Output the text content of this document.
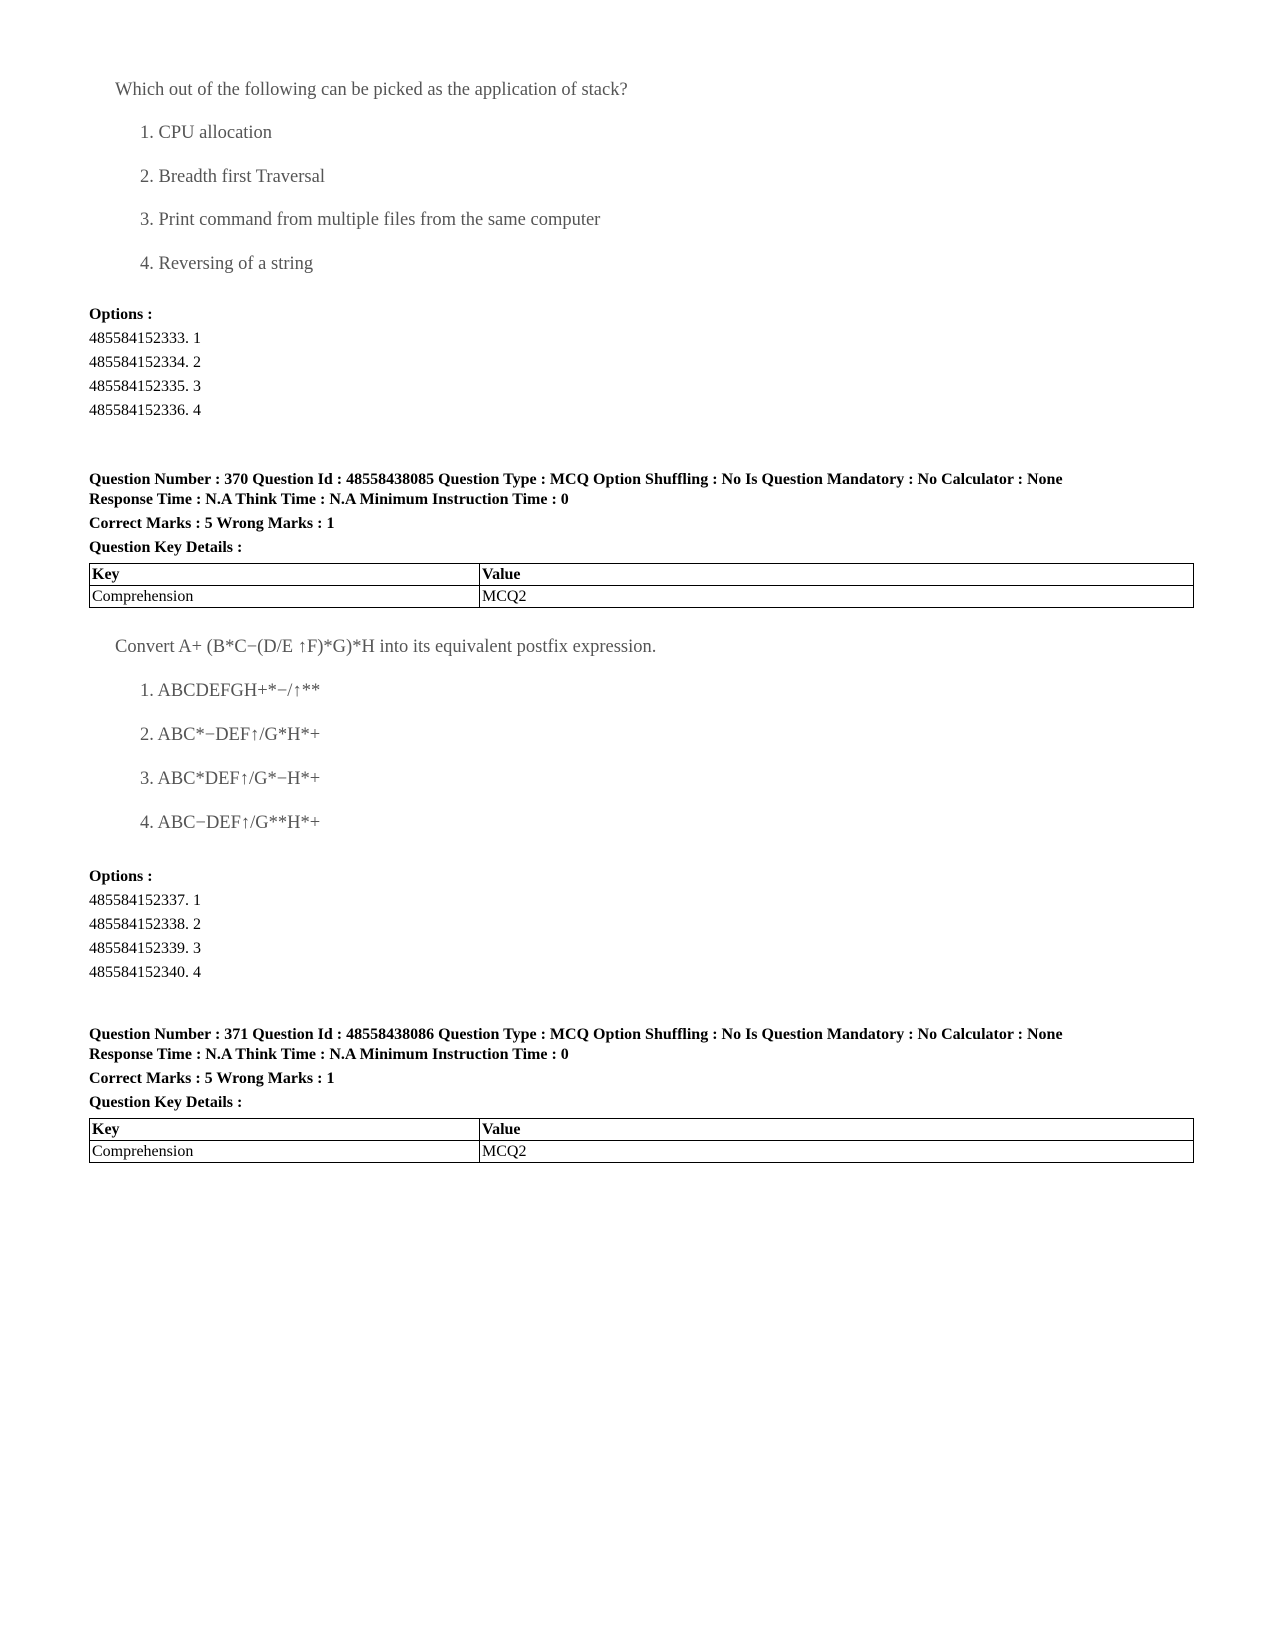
Which out of the following can be picked as the application of stack?
1. CPU allocation
2. Breadth first Traversal
3. Print command from multiple files from the same computer
4. Reversing of a string
Options :
485584152333. 1
485584152334. 2
485584152335. 3
485584152336. 4
Question Number : 370 Question Id : 48558438085 Question Type : MCQ Option Shuffling : No Is Question Mandatory : No Calculator : None
Response Time : N.A Think Time : N.A Minimum Instruction Time : 0
Correct Marks : 5 Wrong Marks : 1
Question Key Details :
Key	Value
Comprehension	MCQ2
Convert A+ (B*C−(D/E ↑F)*G)*H into its equivalent postfix expression.
1. ABCDEFGH+*−/↑**
2. ABC*−DEF↑/G*H*+
3. ABC*DEF↑/G*−H*+
4. ABC−DEF↑/G**H*+
Options :
485584152337. 1
485584152338. 2
485584152339. 3
485584152340. 4
Question Number : 371 Question Id : 48558438086 Question Type : MCQ Option Shuffling : No Is Question Mandatory : No Calculator : None
Response Time : N.A Think Time : N.A Minimum Instruction Time : 0
Correct Marks : 5 Wrong Marks : 1
Question Key Details :
Key	Value
Comprehension	MCQ2
